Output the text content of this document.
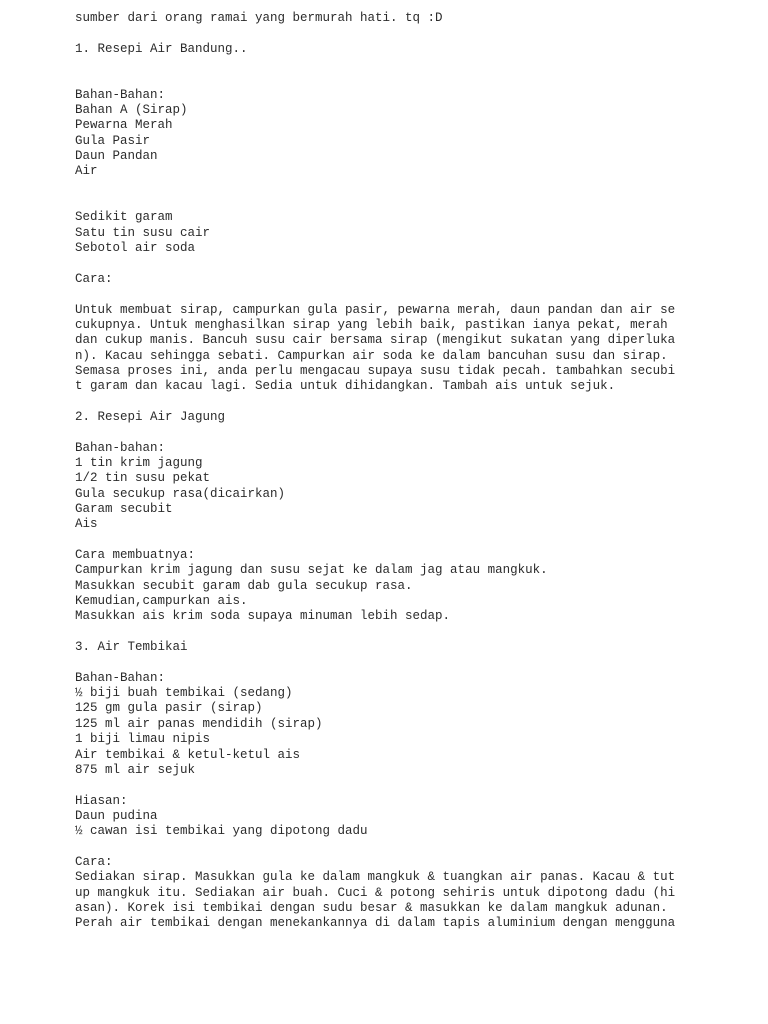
sumber dari orang ramai yang bermurah hati. tq :D
1. Resepi Air Bandung..
Bahan-Bahan:
Bahan A (Sirap)
Pewarna Merah
Gula Pasir
Daun Pandan
Air
Sedikit garam
Satu tin susu cair
Sebotol air soda
Cara:
Untuk membuat sirap, campurkan gula pasir, pewarna merah, daun pandan dan air se
cukupnya. Untuk menghasilkan sirap yang lebih baik, pastikan ianya pekat, merah
dan cukup manis. Bancuh susu cair bersama sirap (mengikut sukatan yang diperluka
n). Kacau sehingga sebati. Campurkan air soda ke dalam bancuhan susu dan sirap.
Semasa proses ini, anda perlu mengacau supaya susu tidak pecah. tambahkan secubi
t garam dan kacau lagi. Sedia untuk dihidangkan. Tambah ais untuk sejuk.
2. Resepi Air Jagung
Bahan-bahan:
1 tin krim jagung
1/2 tin susu pekat
Gula secukup rasa(dicairkan)
Garam secubit
Ais
Cara membuatnya:
Campurkan krim jagung dan susu sejat ke dalam jag atau mangkuk.
Masukkan secubit garam dab gula secukup rasa.
Kemudian,campurkan ais.
Masukkan ais krim soda supaya minuman lebih sedap.
3. Air Tembikai
Bahan-Bahan:
½ biji buah tembikai (sedang)
125 gm gula pasir (sirap)
125 ml air panas mendidih (sirap)
1 biji limau nipis
Air tembikai & ketul-ketul ais
875 ml air sejuk
Hiasan:
Daun pudina
½ cawan isi tembikai yang dipotong dadu
Cara:
Sediakan sirap. Masukkan gula ke dalam mangkuk & tuangkan air panas. Kacau & tut
up mangkuk itu. Sediakan air buah. Cuci & potong sehiris untuk dipotong dadu (hi
asan). Korek isi tembikai dengan sudu besar & masukkan ke dalam mangkuk adunan.
Perah air tembikai dengan menekankannya di dalam tapis aluminium dengan mengguna
